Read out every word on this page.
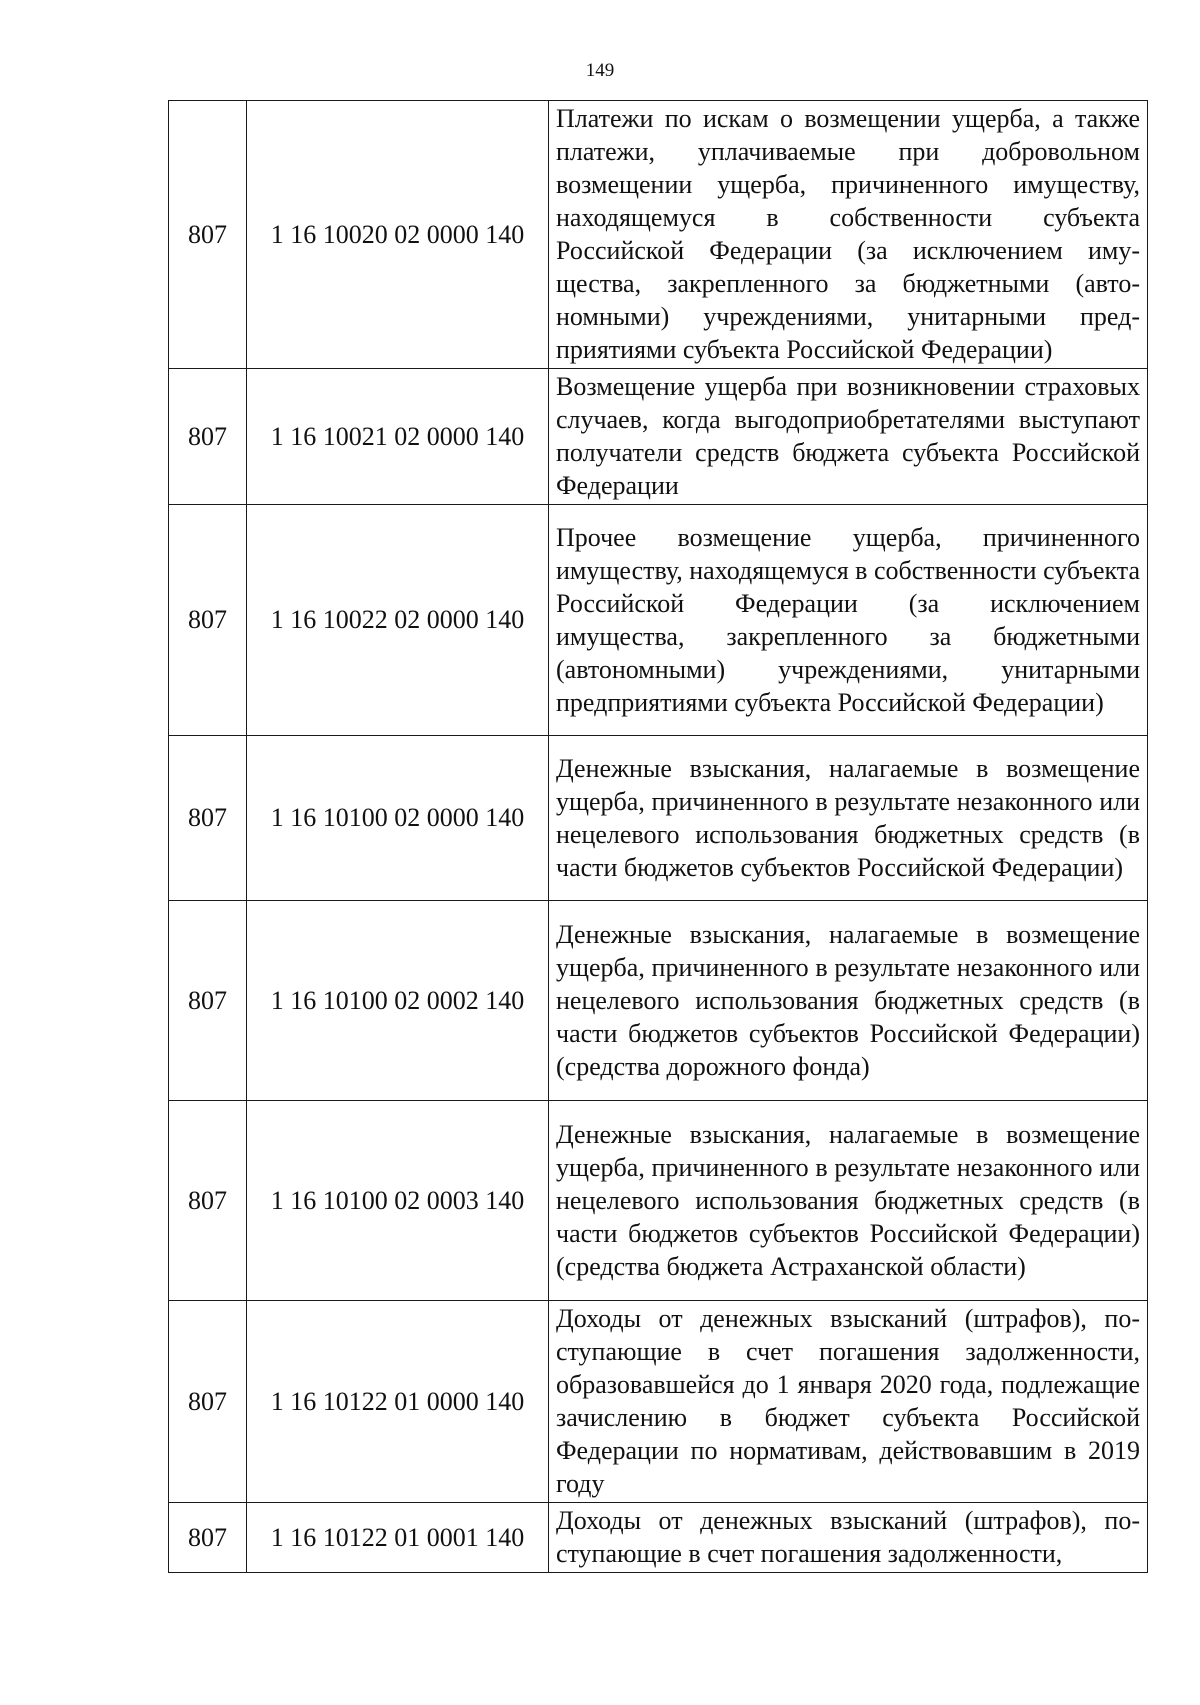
149
807	1 16 10020 02 0000 140	Платежи по искам о возмещении ущерба, а также платежи, уплачиваемые при добровольном возмещении ущерба, причиненного имуществу, находящемуся в собственности субъекта Российской Федерации (за исключением имущества, закрепленного за бюджетными (автономными) учреждениями, унитарными предприятиями субъекта Российской Федерации)
807	1 16 10021 02 0000 140	Возмещение ущерба при возникновении страховых случаев, когда выгодоприобретателями выступают получатели средств бюджета субъекта Российской Федерации
807	1 16 10022 02 0000 140	Прочее возмещение ущерба, причиненного имуществу, находящемуся в собственности субъекта Российской Федерации (за исключением имущества, закрепленного за бюджетными (автономными) учреждениями, унитарными предприятиями субъекта Российской Федерации)
807	1 16 10100 02 0000 140	Денежные взыскания, налагаемые в возмещение ущерба, причиненного в результате незаконного или нецелевого использования бюджетных средств (в части бюджетов субъектов Российской Федерации)
807	1 16 10100 02 0002 140	Денежные взыскания, налагаемые в возмещение ущерба, причиненного в результате незаконного или нецелевого использования бюджетных средств (в части бюджетов субъектов Российской Федерации) (средства дорожного фонда)
807	1 16 10100 02 0003 140	Денежные взыскания, налагаемые в возмещение ущерба, причиненного в результате незаконного или нецелевого использования бюджетных средств (в части бюджетов субъектов Российской Федерации) (средства бюджета Астраханской области)
807	1 16 10122 01 0000 140	Доходы от денежных взысканий (штрафов), поступающие в счет погашения задолженности, образовавшейся до 1 января 2020 года, подлежащие зачислению в бюджет субъекта Российской Федерации по нормативам, действовавшим в 2019 году
807	1 16 10122 01 0001 140	Доходы от денежных взысканий (штрафов), поступающие в счет погашения задолженности,
